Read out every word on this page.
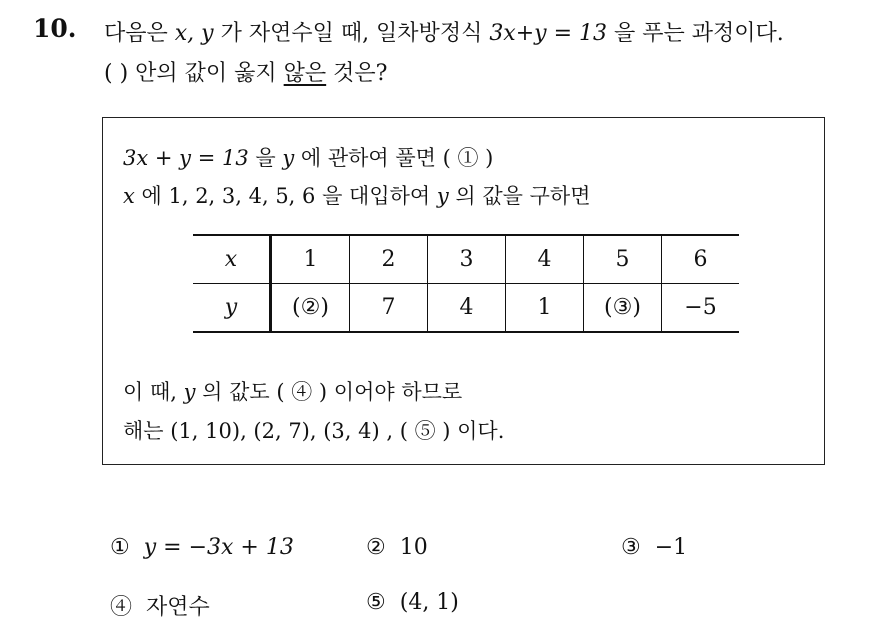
10. 다음은 x, y 가 자연수일 때, 일차방정식 3x+y = 13 을 푸는 과정이다.
( ) 안의 값이 옳지 않은 것은?
3x + y = 13 을 y 에 관하여 풀면 ( ① )
x 에 1, 2, 3, 4, 5, 6 을 대입하여 y 의 값을 구하면
x	1	2	3	4	5	6
y	(②)	7	4	1	(③)	−5
이 때, y 의 값도 ( ④ ) 이어야 하므로
해는 (1, 10), (2, 7), (3, 4) , ( ⑤ ) 이다.
① y = −3x + 13	② 10	③ −1
④ 자연수	⑤ (4, 1)
